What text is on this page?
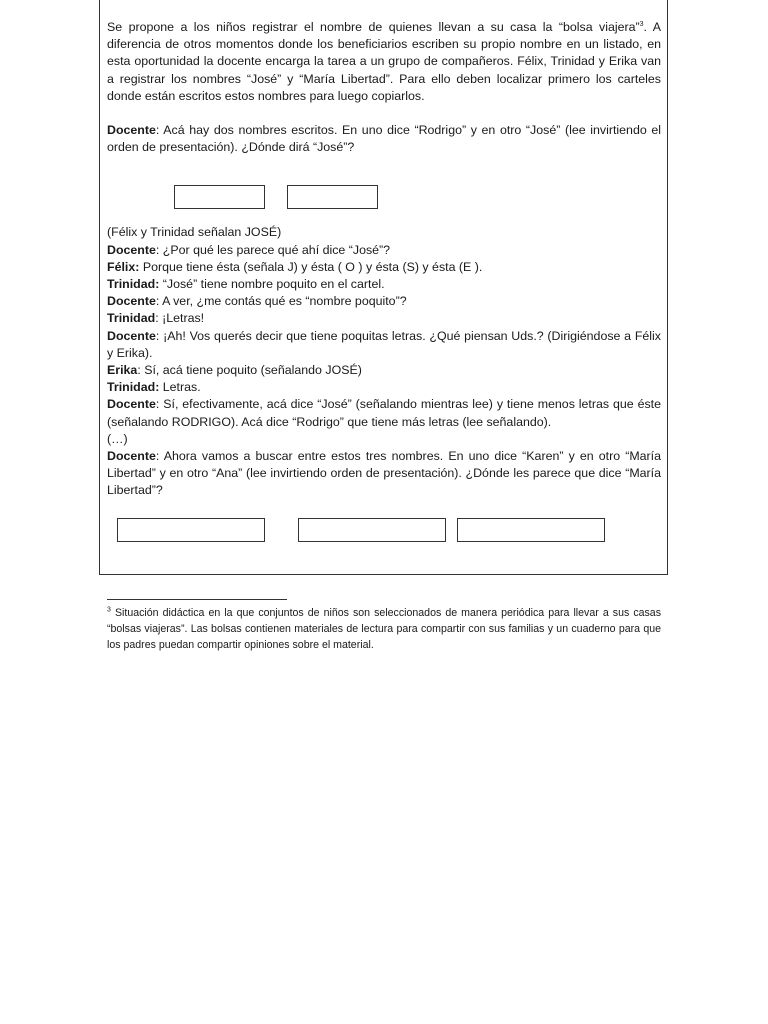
Se propone a los niños registrar el nombre de quienes llevan a su casa la “bolsa viajera”$^3$. A diferencia de otros momentos donde los beneficiarios escriben su propio nombre en un listado, en esta oportunidad la docente encarga la tarea a un grupo de compañeros. Félix, Trinidad y Erika van a registrar los nombres “José” y “María Libertad”. Para ello deben localizar primero los carteles donde están escritos estos nombres para luego copiarlos.

Docente: Acá hay dos nombres escritos. En uno dice “Rodrigo” y en otro “José” (lee invirtiendo el orden de presentación). ¿Dónde dirá “José”?

(Félix y Trinidad señalan JOSÉ)

Docente: ¿Por qué les parece qué ahí dice “José”?

Félix: Porque tiene ésta (señala J) y ésta ( O ) y ésta (S) y ésta (E ).

Trinidad: “José” tiene nombre poquito en el cartel.

Docente: A ver, ¿me contás qué es “nombre poquito”?

Trinidad: ¡Letras!

Docente: ¡Ah! Vos querés decir que tiene poquitas letras. ¿Qué piensan Uds.? (Dirigiéndose a Félix y Erika).

Erika: Sí, acá tiene poquito (señalando JOSÉ)

Trinidad: Letras.

Docente: Sí, efectivamente, acá dice “José” (señalando mientras lee) y tiene menos letras que éste (señalando RODRIGO). Acá dice “Rodrigo” que tiene más letras (lee señalando).

(…)

Docente: Ahora vamos a buscar entre estos tres nombres. En uno dice “Karen” y en otro “María Libertad” y en otro “Ana” (lee invirtiendo orden de presentación). ¿Dónde les parece que dice “María Libertad”?

$^3$ Situación didáctica en la que conjuntos de niños son seleccionados de manera periódica para llevar a sus casas “bolsas viajeras”. Las bolsas contienen materiales de lectura para compartir con sus familias y un cuaderno para que los padres puedan compartir opiniones sobre el material.
